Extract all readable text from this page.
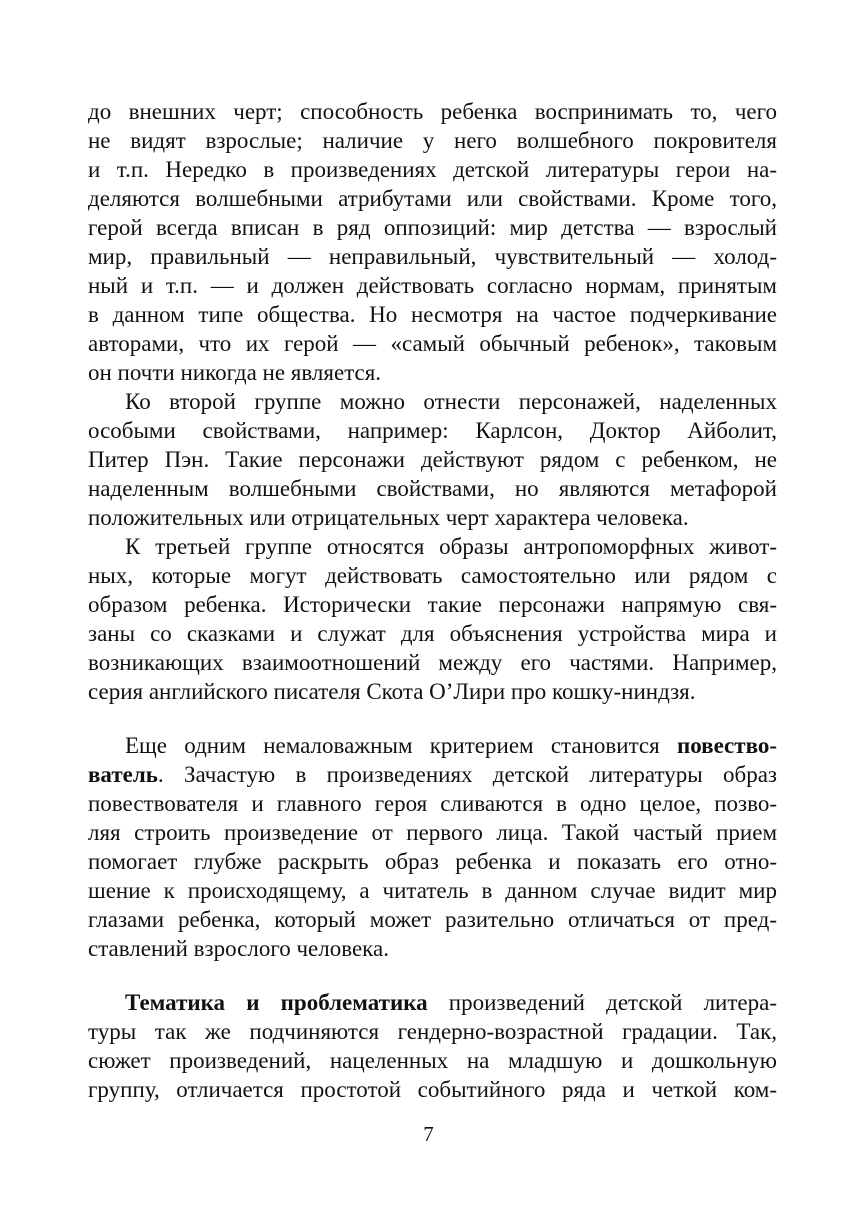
до внешних черт; способность ребенка воспринимать то, чего
не видят взрослые; наличие у него волшебного покровителя
и т.п. Нередко в произведениях детской литературы герои на-
деляются волшебными атрибутами или свойствами. Кроме того,
герой всегда вписан в ряд оппозиций: мир детства — взрослый
мир, правильный — неправильный, чувствительный — холод-
ный и т.п. — и должен действовать согласно нормам, принятым
в данном типе общества. Но несмотря на частое подчеркивание
авторами, что их герой — «самый обычный ребенок», таковым
он почти никогда не является.
Ко второй группе можно отнести персонажей, наделенных
особыми свойствами, например: Карлсон, Доктор Айболит,
Питер Пэн. Такие персонажи действуют рядом с ребенком, не
наделенным волшебными свойствами, но являются метафорой
положительных или отрицательных черт характера человека.
К третьей группе относятся образы антропоморфных живот-
ных, которые могут действовать самостоятельно или рядом с
образом ребенка. Исторически такие персонажи напрямую свя-
заны со сказками и служат для объяснения устройства мира и
возникающих взаимоотношений между его частями. Например,
серия английского писателя Скота О’Лири про кошку-ниндзя.
Еще одним немаловажным критерием становится повество-
ватель. Зачастую в произведениях детской литературы образ
повествователя и главного героя сливаются в одно целое, позво-
ляя строить произведение от первого лица. Такой частый прием
помогает глубже раскрыть образ ребенка и показать его отно-
шение к происходящему, а читатель в данном случае видит мир
глазами ребенка, который может разительно отличаться от пред-
ставлений взрослого человека.
Тематика и проблематика произведений детской литера-
туры так же подчиняются гендерно-возрастной градации. Так,
сюжет произведений, нацеленных на младшую и дошкольную
группу, отличается простотой событийного ряда и четкой ком-
7
